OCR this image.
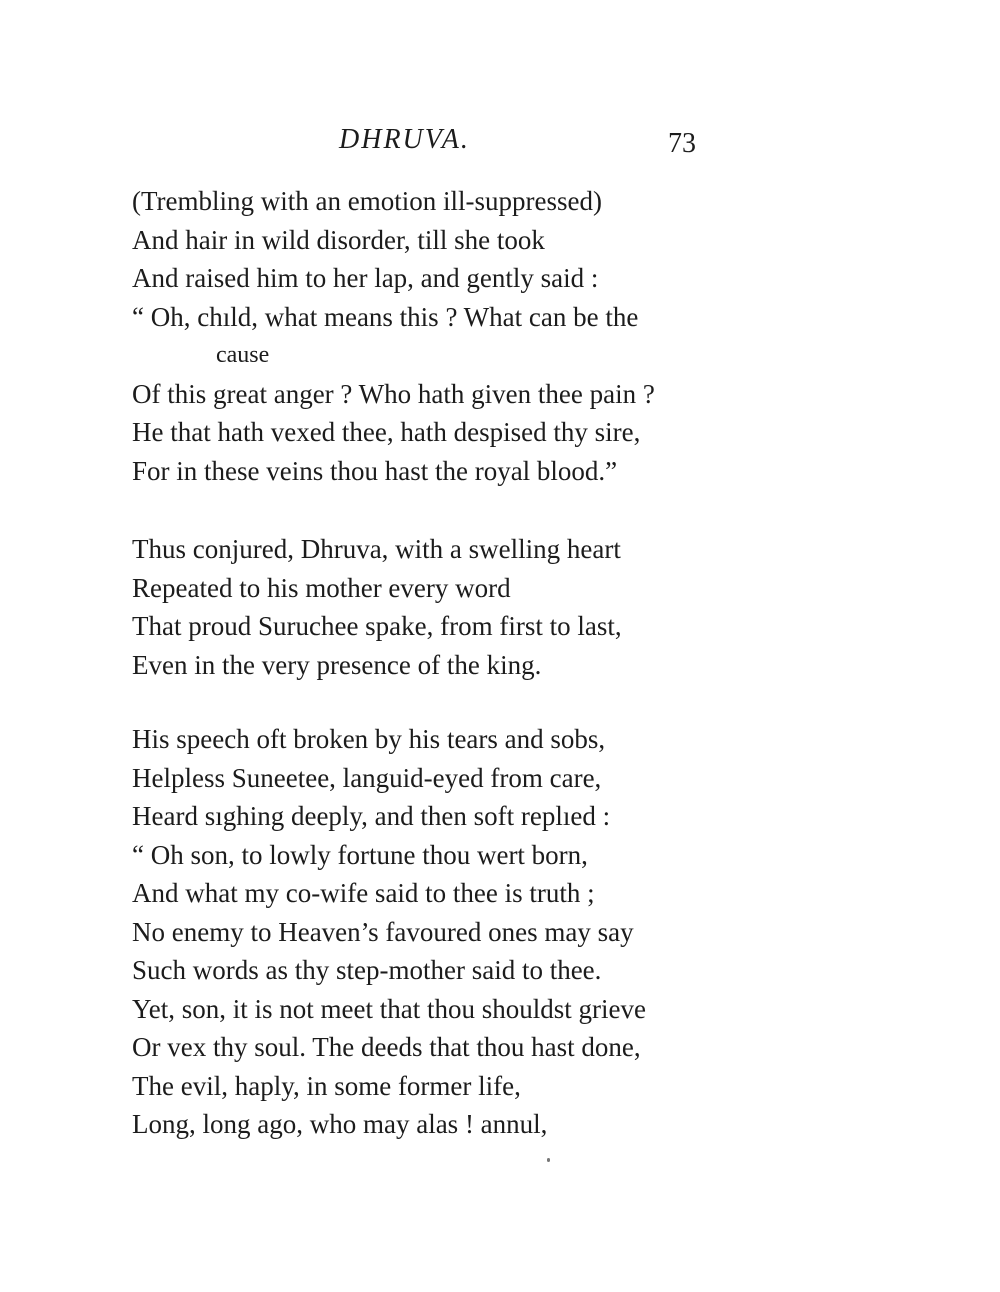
DHRUVA.	73
(Trembling with an emotion ill-suppressed)
And hair in wild disorder, till she took
And raised him to her lap, and gently said :
“ Oh, chıld, what means this ? What can be the
cause
Of this great anger ? Who hath given thee pain ?
He that hath vexed thee, hath despised thy sire,
For in these veins thou hast the royal blood.”
Thus conjured, Dhruva, with a swelling heart
Repeated to his mother every word
That proud Suruchee spake, from first to last,
Even in the very presence of the king.
His speech oft broken by his tears and sobs,
Helpless Suneetee, languid-eyed from care,
Heard sıghing deeply, and then soft replıed :
“ Oh son, to lowly fortune thou wert born,
And what my co-wife said to thee is truth ;
No enemy to Heaven’s favoured ones may say
Such words as thy step-mother said to thee.
Yet, son, it is not meet that thou shouldst grieve
Or vex thy soul. The deeds that thou hast done,
The evil, haply, in some former life,
Long, long ago, who may alas ! annul,
